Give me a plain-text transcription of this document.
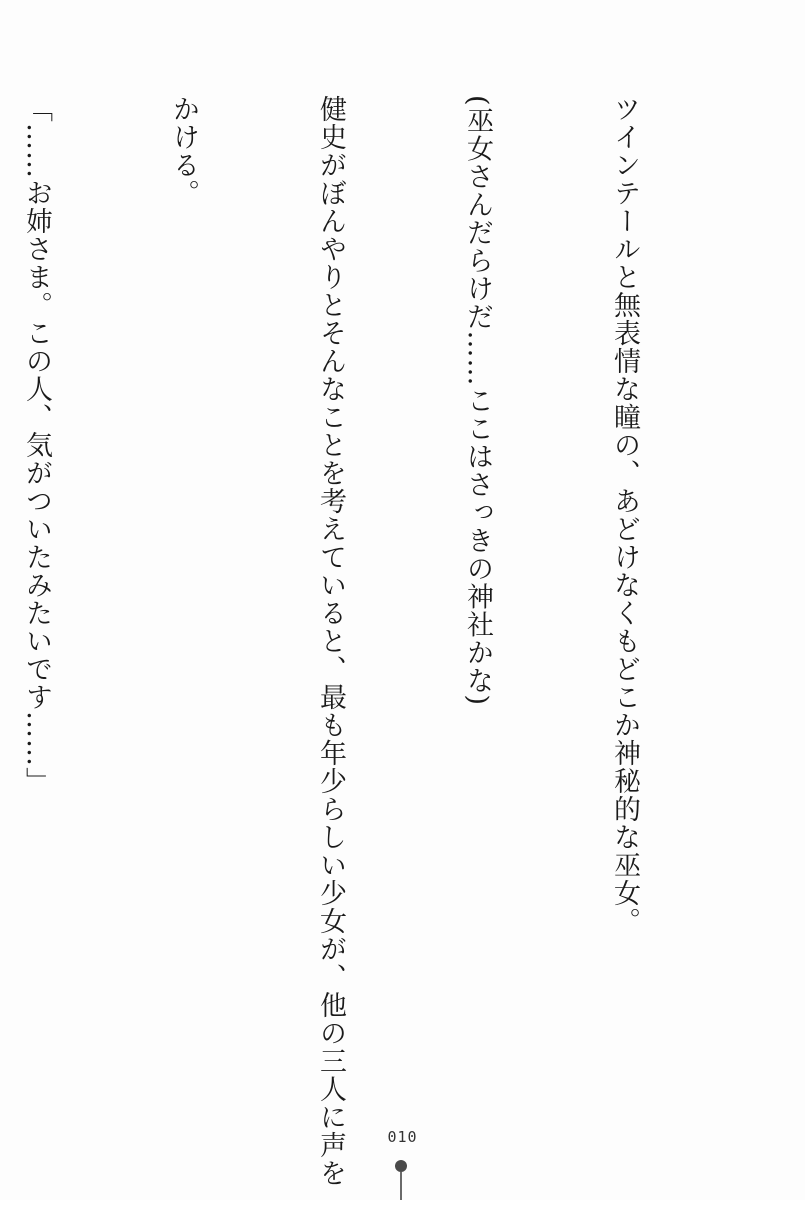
ツインテールと無表情な瞳の、あどけなくもどこか神秘的な巫女。

(巫女さんだらけだ……ここはさっきの神社かな)

健史がぼんやりとそんなことを考えていると、最も年少らしい少女が、他の三人に声を

かける。

「……お姉さま。この人、気がついたみたいです……」

010
